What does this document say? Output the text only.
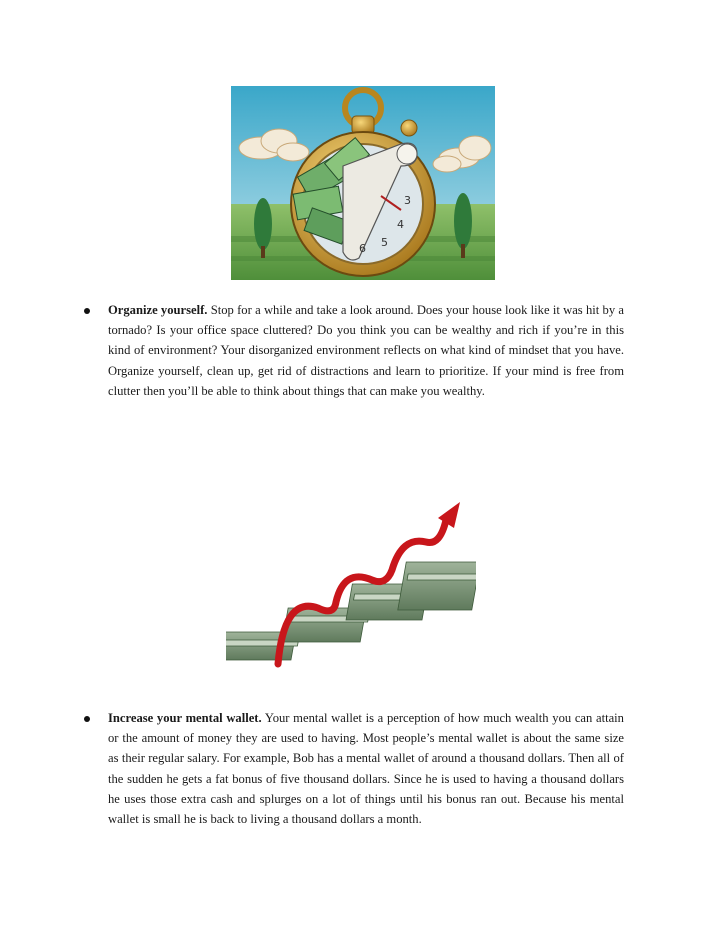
3
4
5
6
Organize yourself. Stop for a while and take a look around. Does your house look like it was hit by a tornado? Is your office space cluttered? Do you think you can be wealthy and rich if you’re in this kind of environment? Your disorganized environment reflects on what kind of mindset that you have. Organize yourself, clean up, get rid of distractions and learn to prioritize. If your mind is free from clutter then you’ll be able to think about things that can make you wealthy.
Increase your mental wallet. Your mental wallet is a perception of how much wealth you can attain or the amount of money they are used to having. Most people’s mental wallet is about the same size as their regular salary. For example, Bob has a mental wallet of around a thousand dollars. Then all of the sudden he gets a fat bonus of five thousand dollars. Since he is used to having a thousand dollars he uses those extra cash and splurges on a lot of things until his bonus ran out. Because his mental wallet is small he is back to living a thousand dollars a month.
